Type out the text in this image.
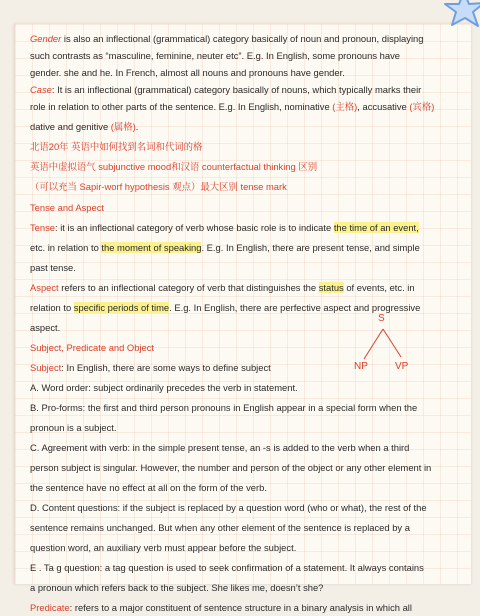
Gender is also an inflectional (grammatical) category basically of noun and pronoun, displaying
such contrasts as “masculine, feminine, neuter etc”. E.g. In English, some pronouns have
gender. she and he. In French, almost all nouns and pronouns have gender.
Case: It is an inflectional (grammatical) category basically of nouns, which typically marks their
role in relation to other parts of the sentence. E.g. In English, nominative (主格), accusative (宾格)
dative and genitive (属格).
北语20年 英语中如何找到名词和代词的格
英语中虚拟语气 subjunctive mood和汉语 counterfactual thinking 区别
（可以充当 Sapir-worf hypothesis 观点）最大区别 tense mark
Tense and Aspect
Tense: it is an inflectional category of verb whose basic role is to indicate the time of an event,
etc. in relation to the moment of speaking. E.g. In English, there are present tense, and simple
past tense.
Aspect refers to an inflectional category of verb that distinguishes the status of events, etc. in
relation to specific periods of time. E.g. In English, there are perfective aspect and progressive
aspect.
Subject, Predicate and Object
Subject: In English, there are some ways to define subject
A. Word order: subject ordinarily precedes the verb in statement.
B. Pro-forms: the first and third person pronouns in English appear in a special form when the
pronoun is a subject.
C. Agreement with verb: in the simple present tense, an -s is added to the verb when a third
person subject is singular. However, the number and person of the object or any other element in
the sentence have no effect at all on the form of the verb.
D. Content questions: if the subject is replaced by a question word (who or what), the rest of the
sentence remains unchanged. But when any other element of the sentence is replaced by a
question word, an auxiliary verb must appear before the subject.
E . Ta g question: a tag question is used to seek confirmation of a statement. It always contains
a pronoun which refers back to the subject. She likes me, doesn’t she?
Predicate: refers to a major constituent of sentence structure in a binary analysis in which all
S
NP	VP
